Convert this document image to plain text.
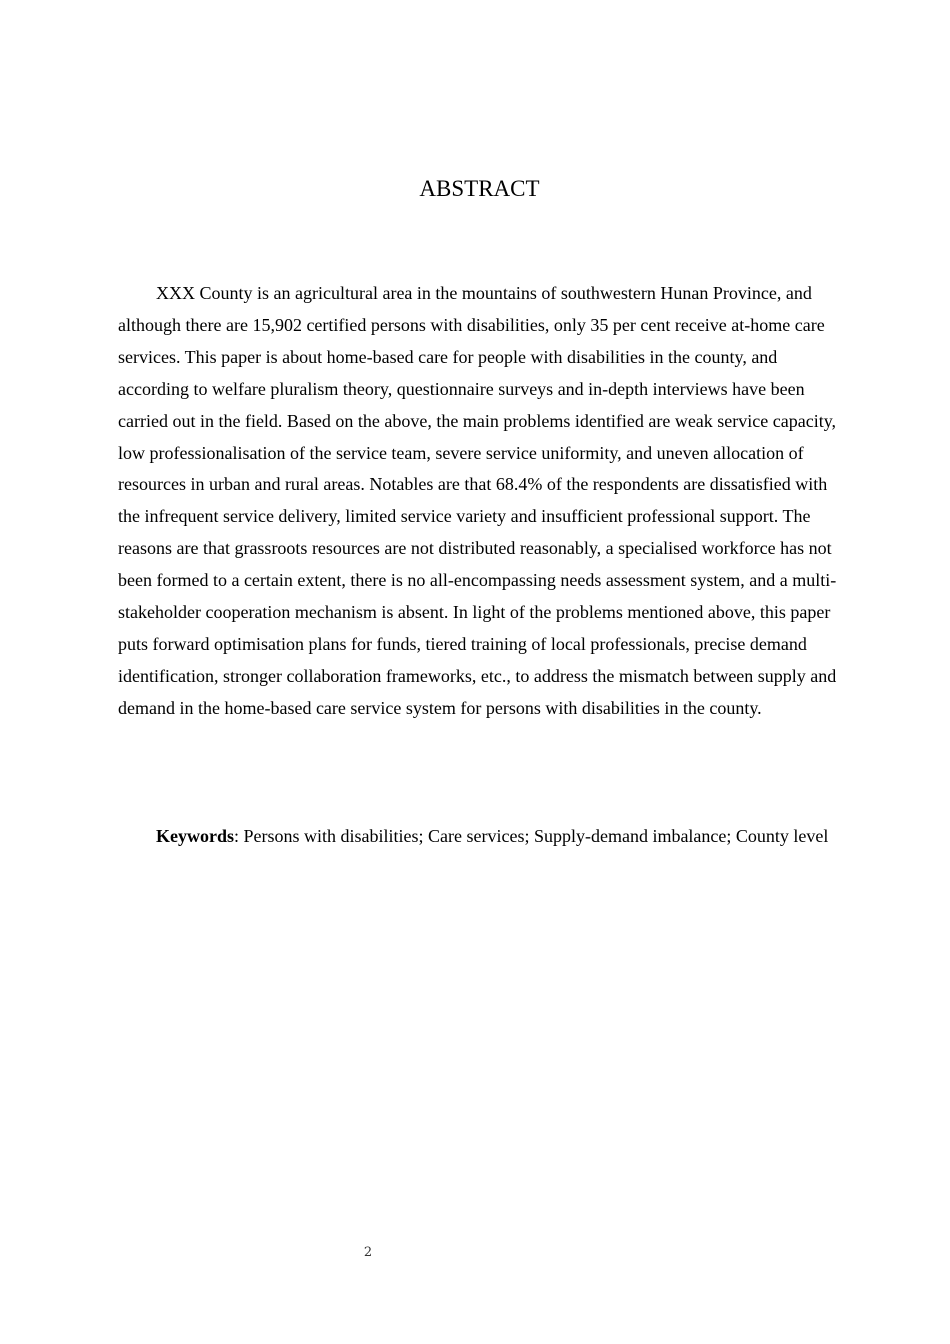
ABSTRACT

XXX County is an agricultural area in the mountains of southwestern Hunan Province, and although there are 15,902 certified persons with disabilities, only 35 per cent receive at-home care services. This paper is about home-based care for people with disabilities in the county, and according to welfare pluralism theory, questionnaire surveys and in-depth interviews have been carried out in the field. Based on the above, the main problems identified are weak service capacity, low professionalisation of the service team, severe service uniformity, and uneven allocation of resources in urban and rural areas. Notables are that 68.4% of the respondents are dissatisfied with the infrequent service delivery, limited service variety and insufficient professional support. The reasons are that grassroots resources are not distributed reasonably, a specialised workforce has not been formed to a certain extent, there is no all-encompassing needs assessment system, and a multi-stakeholder cooperation mechanism is absent. In light of the problems mentioned above, this paper puts forward optimisation plans for funds, tiered training of local professionals, precise demand identification, stronger collaboration frameworks, etc., to address the mismatch between supply and demand in the home-based care service system for persons with disabilities in the county.

Keywords: Persons with disabilities; Care services; Supply-demand imbalance; County level

2
